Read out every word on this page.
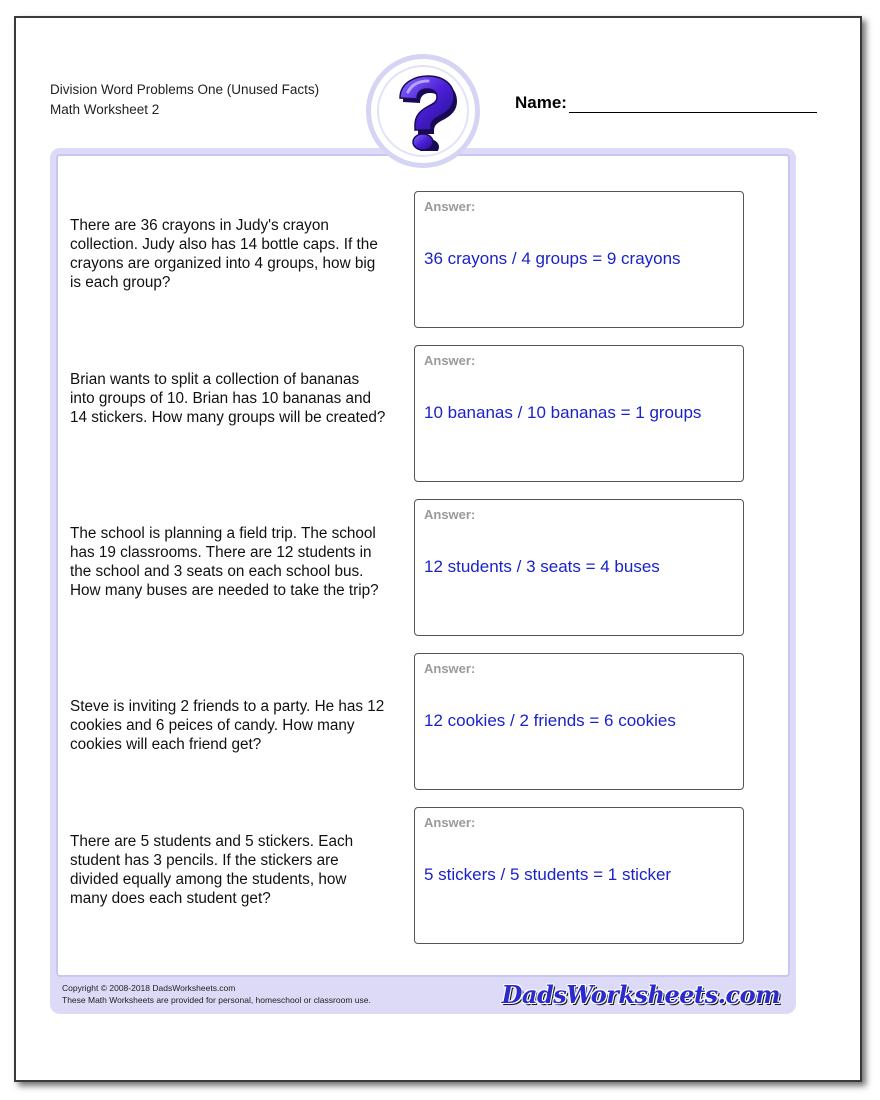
Division Word Problems One (Unused Facts)
Math Worksheet 2	Name:
There are 36 crayons in Judy's crayon collection. Judy also has 14 bottle caps. If the crayons are organized into 4 groups, how big is each group?
Answer:
36 crayons / 4 groups = 9 crayons
Brian wants to split a collection of bananas into groups of 10. Brian has 10 bananas and 14 stickers. How many groups will be created?
Answer:
10 bananas / 10 bananas = 1 groups
The school is planning a field trip. The school has 19 classrooms. There are 12 students in the school and 3 seats on each school bus. How many buses are needed to take the trip?
Answer:
12 students / 3 seats = 4 buses
Steve is inviting 2 friends to a party. He has 12 cookies and 6 peices of candy. How many cookies will each friend get?
Answer:
12 cookies / 2 friends = 6 cookies
There are 5 students and 5 stickers. Each student has 3 pencils. If the stickers are divided equally among the students, how many does each student get?
Answer:
5 stickers / 5 students = 1 sticker
Copyright © 2008-2018 DadsWorksheets.com
These Math Worksheets are provided for personal, homeschool or classroom use.	DadsWorksheets.com
